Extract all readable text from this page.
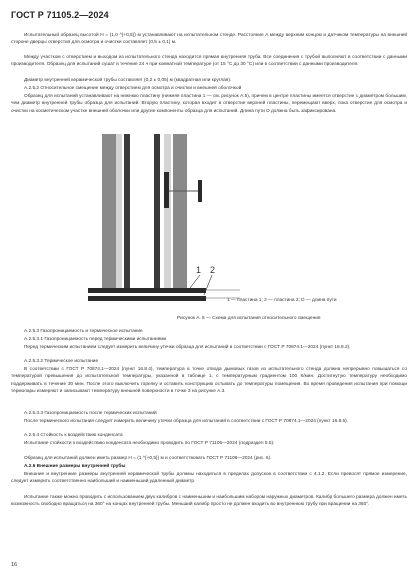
ГОСТ Р 71105.2—2024
Испытательный образец высотой H = (1,0 ^{+0,5}) м устанавливают на испытательном стенде. Расстояние A между верхним концом и датчиком температуры на внешней стороне дверцы отверстия для осмотра и очистки составляет (0,5 ± 0,1) м.
Между участком с отверстием и выходом из испытательного стенда находится прямая внутренняя труба. Все соединения с трубой выполняют в соответствии с данными производителя. Образец для испытаний сушат в течение 24 ч при комнатной температуре (от 15 °С до 30 °С) или в соответствии с данными производителя.
Диаметр внутренней керамической трубы составляет (0,2 ± 0,05) м (квадратная или круглая).
А.2.5.2 Относительное смещение между отверстием для осмотра и очистки и внешней оболочкой
Образец для испытаний устанавливают на нижнюю пластину (нижняя пластина 1 — см. рисунок А.5), причем в центре пластины имеется отверстие с диаметром большим, чем диаметр внутренней трубы образца для испытаний. Вторую пластину, которая входит в отверстие верхней пластины, перемещают вверх, пока отверстие для осмотра и очистки на косметическом участке внешней оболочки или другие компоненты образца для испытаний. Длина пути D должна быть зафиксирована.
1 2
1 — пластина 1; 2 — пластина 2; D — длина пути
Рисунок А. 5 — Схема для испытания относительного смещения
А.2.5.3 Газопроницаемость и термическое испытание
А.2.5.3.1 Газопроницаемость перед термическими испытаниями
Перед термическим испытанием следует измерить величину утечки образца для испытаний в соответствии с ГОСТ Р 70874.1—2024 (пункт 16.8.2).
А.2.5.3.2 Термическое испытание
В соответствии с ГОСТ Р 70874.1—2024 (пункт 16.8.4), температура в точке отвода дымовых газов из испытательного стенда должна непрерывно повышаться со температурой превышения до испытательной температуры, указанной в таблице 1, с температурным градиентом 100 К/мин. Достигнутую температуру необходимо поддерживать в течение 30 мин. После этого выключить горелку и оставить конструкцию остывать до температуры помещения. Во время проведения испытания при помощи термопары измеряют и записывают температуру внешней поверхности в точке 3 на рисунке А.3.
А.2.5.3.3 Газопроницаемость после термических испытаний
После термического испытания следует измерить величину утечки образца для испытаний в соответствии с ГОСТ Р 70874.1—2024 (пункт 16.8.5).
А.2.5.4 Стойкость к воздействию конденсата
Испытание стойкости к воздействию конденсата необходимо проводить по ГОСТ Р 71106—2024 (подраздел 5.5).
Образец для испытаний должен иметь размер H = (1 ^{+0,5}) м и соответствовать ГОСТ Р 71106—2024 (рис. 6).
А.2.6 Внешние размеры внутренней трубы
Внешние и внутренние размеры внутренней керамической трубы должны находиться в пределах допусков в соответствии с 4.1.2. Если превосят прямое измерение, следует измерить соответственно наибольший и наименьший удаленный диаметр.
Испытание также можно проводить с использованием двух калибров с наименьшим и наибольшим набором наружных диаметров. Калибр большего размера должен иметь возможность свободно вращаться на 360° на концах внутренней трубы. Меньший калибр просто не должен входить во внутреннюю трубу при вращении на 360°.
16
